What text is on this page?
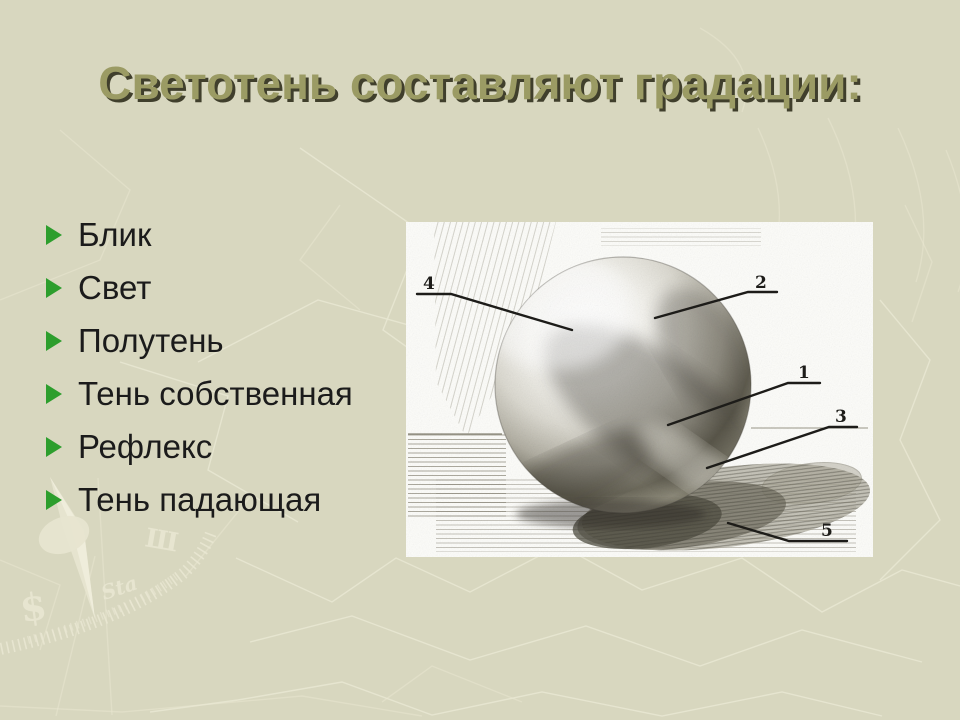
$ Sta
Ш
Светотень составляют градации:
Блик
Свет
Полутень
Тень собственная
Рефлекс
Тень падающая
4	2
1
3
5
